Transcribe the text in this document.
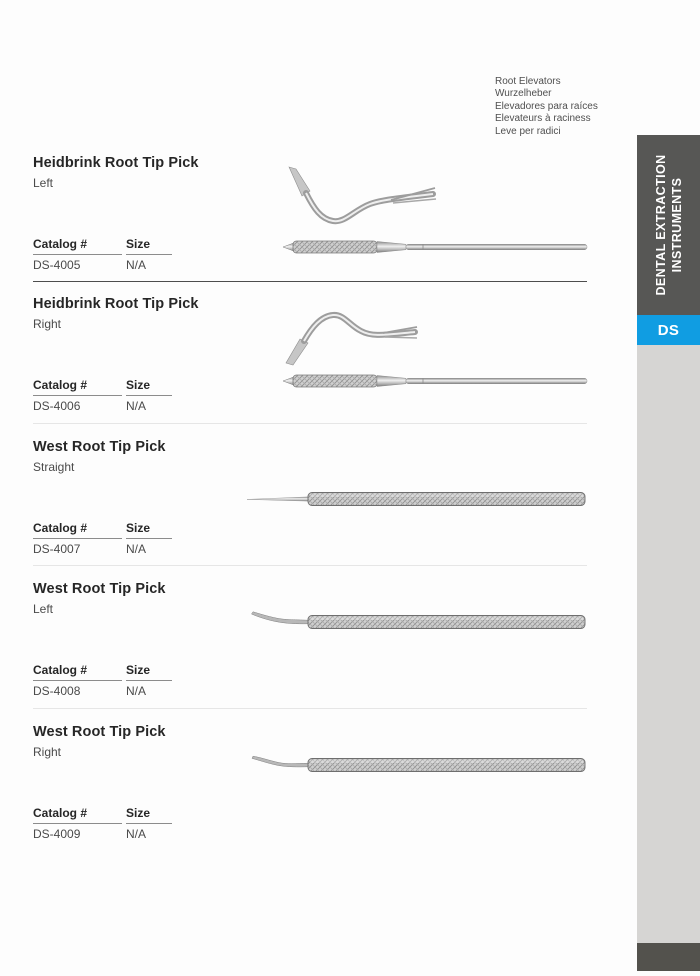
Root Elevators
Wurzelheber
Elevadores para raíces
Elevateurs à raciness
Leve per radici
DENTAL EXTRACTION INSTRUMENTS
DS
Heidbrink Root Tip Pick
Left
Catalog #
DS-4005
Size
N/A
Heidbrink Root Tip Pick
Right
Catalog #
DS-4006
Size
N/A
West Root Tip Pick
Straight
Catalog #
DS-4007
Size
N/A
West Root Tip Pick
Left
Catalog #
DS-4008
Size
N/A
West Root Tip Pick
Right
Catalog #
DS-4009
Size
N/A
